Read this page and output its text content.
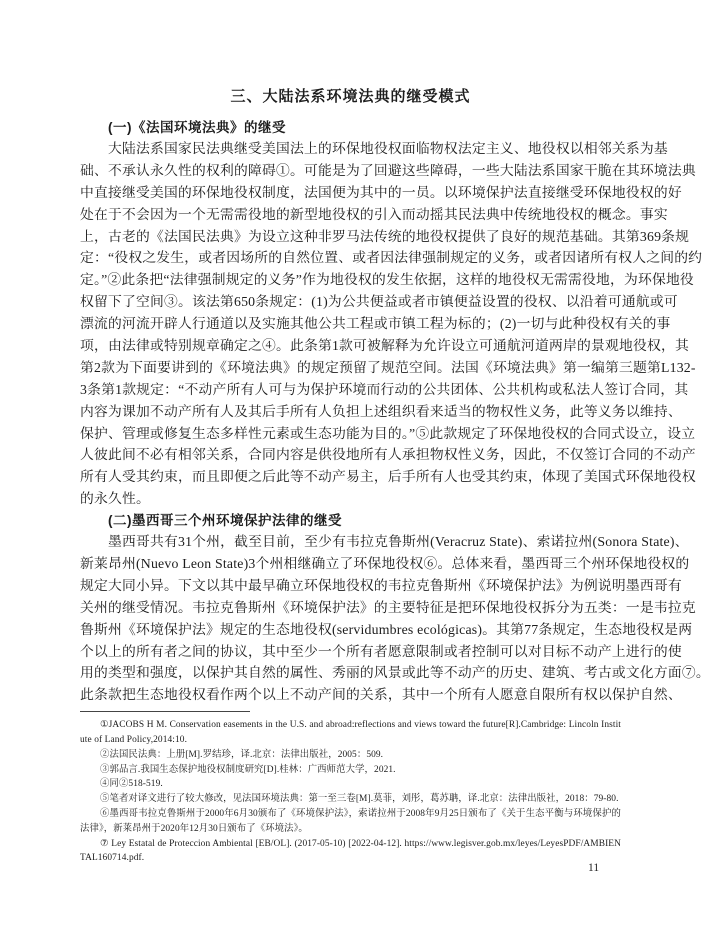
三、大陆法系环境法典的继受模式
(一)《法国环境法典》的继受
大陆法系国家民法典继受美国法上的环保地役权面临物权法定主义、地役权以相邻关系为基
础、不承认永久性的权利的障碍①。可能是为了回避这些障碍，一些大陆法系国家干脆在其环境法典
中直接继受美国的环保地役权制度，法国便为其中的一员。以环境保护法直接继受环保地役权的好
处在于不会因为一个无需需役地的新型地役权的引入而动摇其民法典中传统地役权的概念。事实
上，古老的《法国民法典》为设立这种非罗马法传统的地役权提供了良好的规范基础。其第369条规
定：“役权之发生，或者因场所的自然位置、或者因法律强制规定的义务，或者因诸所有权人之间的约
定。”②此条把“法律强制规定的义务”作为地役权的发生依据，这样的地役权无需需役地，为环保地役
权留下了空间③。该法第650条规定：(1)为公共便益或者市镇便益设置的役权、以沿着可通航或可
漂流的河流开辟人行通道以及实施其他公共工程或市镇工程为标的；(2)一切与此种役权有关的事
项，由法律或特别规章确定之④。此条第1款可被解释为允许设立可通航河道两岸的景观地役权，其
第2款为下面要讲到的《环境法典》的规定预留了规范空间。法国《环境法典》第一编第三题第L132-
3条第1款规定：“不动产所有人可与为保护环境而行动的公共团体、公共机构或私法人签订合同，其
内容为课加不动产所有人及其后手所有人负担上述组织看来适当的物权性义务，此等义务以维持、
保护、管理或修复生态多样性元素或生态功能为目的。”⑤此款规定了环保地役权的合同式设立，设立
人彼此间不必有相邻关系，合同内容是供役地所有人承担物权性义务，因此，不仅签订合同的不动产
所有人受其约束，而且即便之后此等不动产易主，后手所有人也受其约束，体现了美国式环保地役权
的永久性。
(二)墨西哥三个州环境保护法律的继受
墨西哥共有31个州，截至目前，至少有韦拉克鲁斯州(Veracruz State)、索诺拉州(Sonora State)、
新莱昂州(Nuevo Leon State)3个州相继确立了环保地役权⑥。总体来看，墨西哥三个州环保地役权的
规定大同小异。下文以其中最早确立环保地役权的韦拉克鲁斯州《环境保护法》为例说明墨西哥有
关州的继受情况。韦拉克鲁斯州《环境保护法》的主要特征是把环保地役权拆分为五类：一是韦拉克
鲁斯州《环境保护法》规定的生态地役权(servidumbres ecológicas)。其第77条规定，生态地役权是两
个以上的所有者之间的协议，其中至少一个所有者愿意限制或者控制可以对目标不动产上进行的使
用的类型和强度，以保护其自然的属性、秀丽的风景或此等不动产的历史、建筑、考古或文化方面⑦。
此条款把生态地役权看作两个以上不动产间的关系，其中一个所有人愿意自限所有权以保护自然、
①JACOBS H M. Conservation easements in the U.S. and abroad:reflections and views toward the future[R].Cambridge: Lincoln Institute of Land Policy,2014:10.
②法国民法典：上册[M].罗结珍，译.北京：法律出版社，2005：509.
③郭品言.我国生态保护地役权制度研究[D].桂林：广西师范大学，2021.
④同②518-519.
⑤笔者对译文进行了较大修改，见法国环境法典：第一至三卷[M].莫菲，刘彤，葛苏聃，译.北京：法律出版社，2018：79-80.
⑥墨西哥韦拉克鲁斯州于2000年6月30颁布了《环境保护法》，索诺拉州于2008年9月25日颁布了《关于生态平衡与环境保护的法律》，新莱昂州于2020年12月30日颁布了《环境法》。
⑦ Ley Estatal de Proteccion Ambiental [EB/OL]. (2017-05-10) [2022-04-12]. https://www.legisver.gob.mx/leyes/LeyesPDF/AMBIENTAL160714.pdf.
11
